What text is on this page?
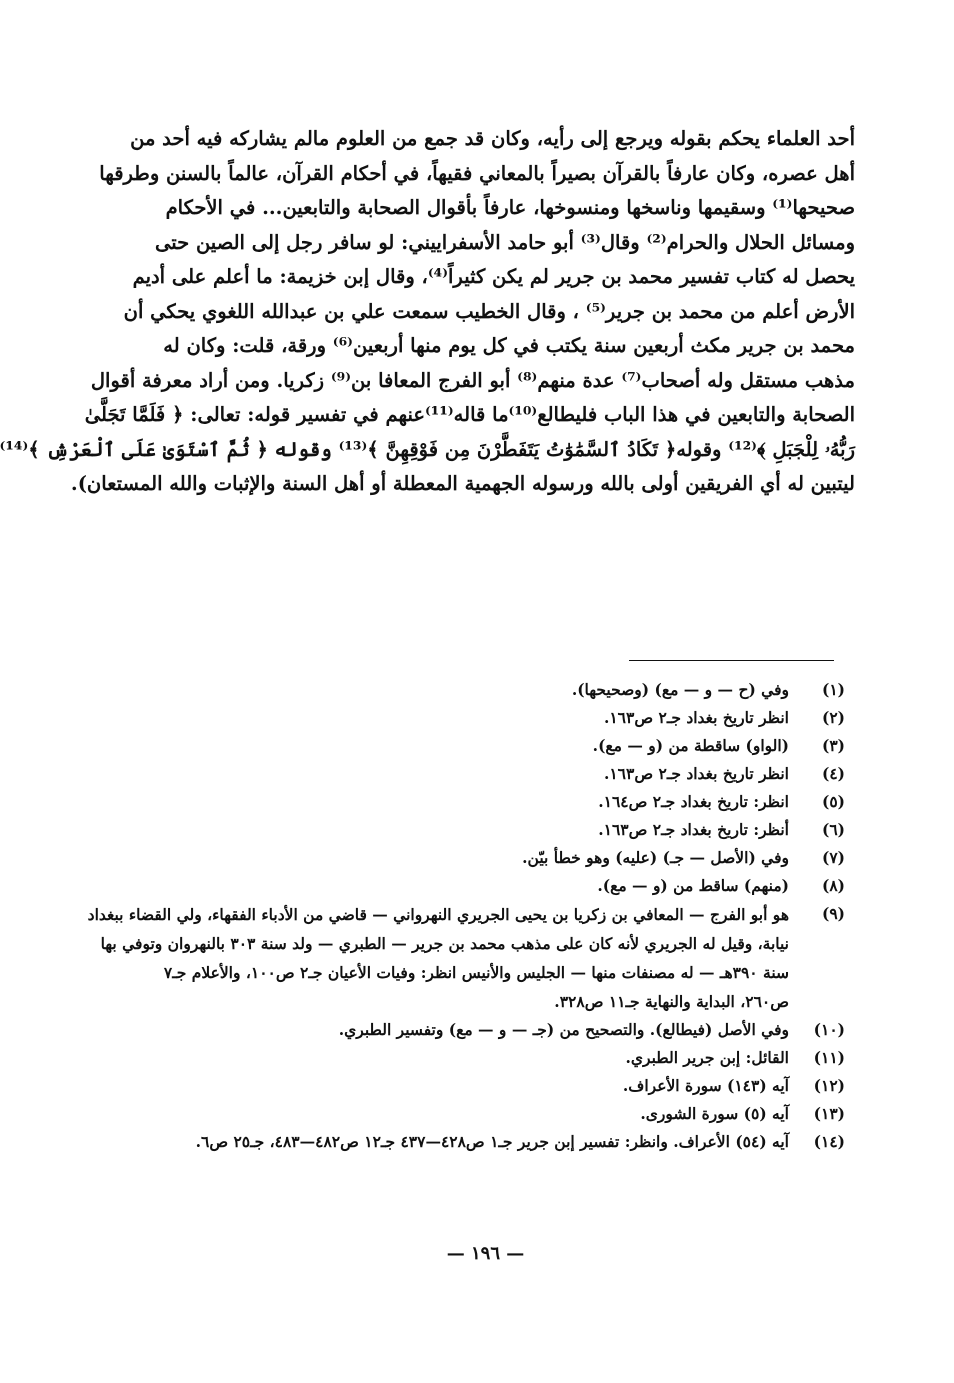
أحد العلماء يحكم بقوله ويرجع إلى رأيه، وكان قد جمع من العلوم مالم يشاركه فيه أحد من
أهل عصره، وكان عارفاً بالقرآن بصيراً بالمعاني فقيهاً، في أحكام القرآن، عالماً بالسنن وطرقها
صحيحها⁽¹⁾ وسقيمها وناسخها ومنسوخها، عارفاً بأقوال الصحابة والتابعين... في الأحكام
ومسائل الحلال والحرام⁽²⁾ وقال⁽³⁾ أبو حامد الأسفراييني: لو سافر رجل إلى الصين حتى
يحصل له كتاب تفسير محمد بن جرير لم يكن كثيراً⁽⁴⁾، وقال إبن خزيمة: ما أعلم على أديم
الأرض أعلم من محمد بن جرير⁽⁵⁾ ، وقال الخطيب سمعت علي بن عبدالله اللغوي يحكي أن
محمد بن جرير مكث أربعين سنة يكتب في كل يوم منها أربعين⁽⁶⁾ ورقة، قلت: وكان له
مذهب مستقل وله أصحاب⁽⁷⁾ عدة منهم⁽⁸⁾ أبو الفرج المعافا بن⁽⁹⁾ زكريا. ومن أراد معرفة أقوال
الصحابة والتابعين في هذا الباب فليطالع⁽¹⁰⁾ما قاله⁽¹¹⁾عنهم في تفسير قوله: تعالى: ﴿ فَلَمَّا تَجَلَّىٰ
رَبُّهُۥ لِلْجَبَلِ ﴾⁽¹²⁾ وقوله﴿ تَكَادُ ٱلسَّمَٰوَٰتُ يَتَفَطَّرْنَ مِن فَوْقِهِنَّ ﴾⁽¹³⁾ وقوله ﴿ ثُمَّ ٱسْتَوَىٰ عَلَى ٱلْعَرْشِ ﴾⁽¹⁴⁾
ليتبين له أي الفريقين أولى بالله ورسوله الجهمية المعطلة أو أهل السنة والإثبات والله المستعان).
(١)
وفي (ح — و — مع) (وصحيحها).
(٢)
انظر تاريخ بغداد جـ٢ ص١٦٣.
(٣)
(الواو) ساقطة من (و — مع).
(٤)
انظر تاريخ بغداد جـ٢ ص١٦٣.
(٥)
انظر: تاريخ بغداد جـ٢ ص١٦٤.
(٦)
أنظر: تاريخ بغداد جـ٢ ص١٦٣.
(٧)
وفي (الأصل — جـ) (عليه) وهو خطأ بيّن.
(٨)
(منهم) ساقط من (و — مع).
(٩)
هو أبو الفرج — المعافي بن زكريا بن يحيى الجريري النهرواني — قاضي من الأدباء الفقهاء، ولي القضاء ببغداد
نيابة، وقيل له الجريري لأنه كان على مذهب محمد بن جرير — الطبري — ولد سنة ٣٠٣ بالنهروان وتوفي بها
سنة ٣٩٠هـ — له مصنفات منها — الجليس والأنيس انظر: وفيات الأعيان جـ٢ ص١٠٠، والأعلام جـ٧
ص٢٦٠، البداية والنهاية جـ١١ ص٣٢٨.
(١٠)
وفي الأصل (فيطالع). والتصحيح من (جـ — و — مع) وتفسير الطبري.
(١١)
القائل: إبن جرير الطبري.
(١٢)
آيه (١٤٣) سورة الأعراف.
(١٣)
آيه (٥) سورة الشورى.
(١٤)
آيه (٥٤) الأعراف. وانظر: تفسير إبن جرير جـ١ ص٤٢٨—٤٣٧ جـ١٢ ص٤٨٢—٤٨٣، جـ٢٥ ص٦.
— ١٩٦ —
